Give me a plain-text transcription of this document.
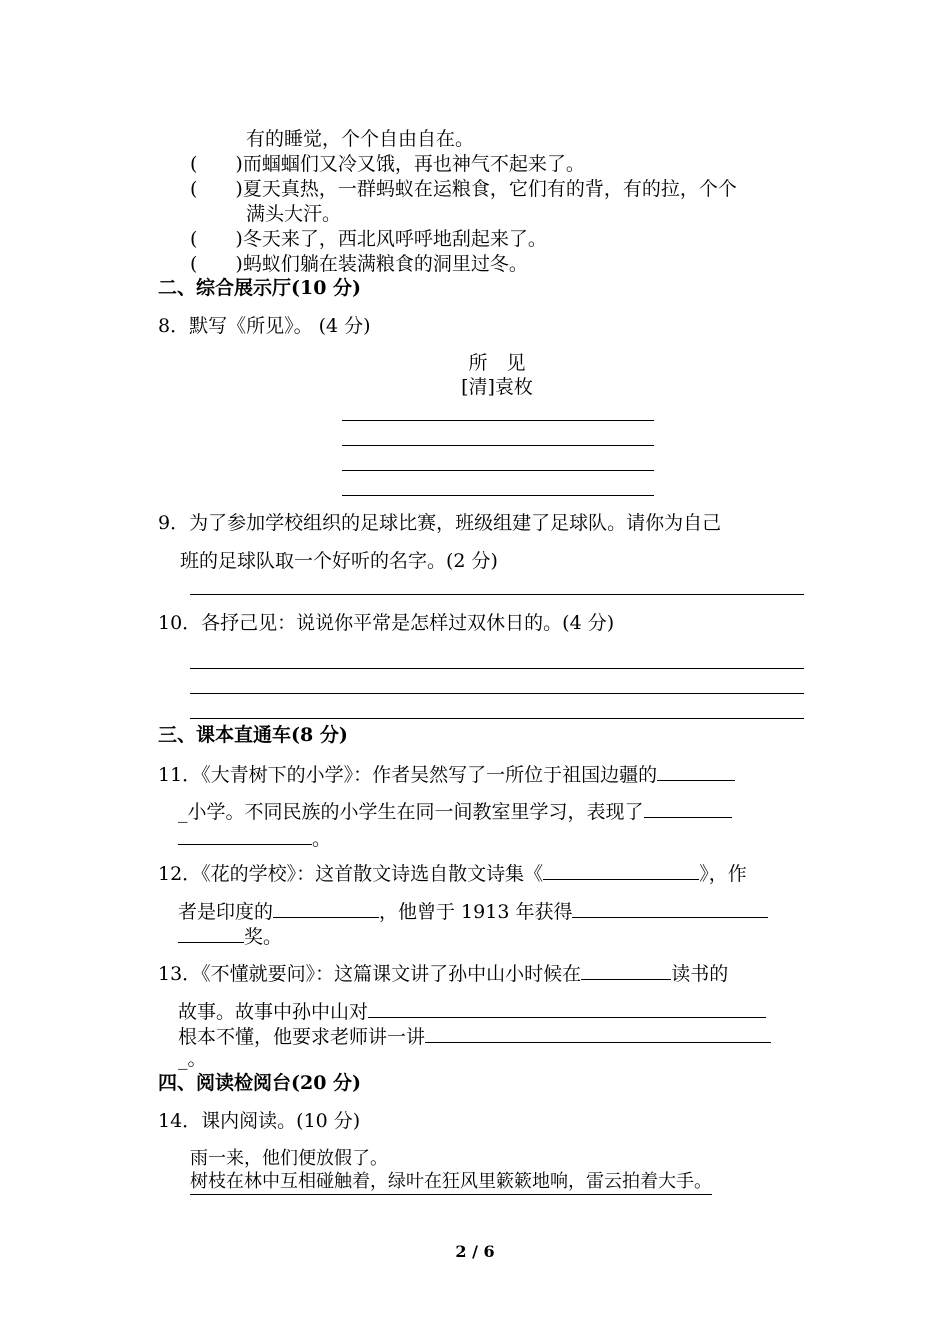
有的睡觉，个个自由自在。
(　　)而蝈蝈们又冷又饿，再也神气不起来了。
(　　)夏天真热，一群蚂蚁在运粮食，它们有的背，有的拉，个个
满头大汗。
(　　)冬天来了，西北风呼呼地刮起来了。
(　　)蚂蚁们躺在装满粮食的洞里过冬。
二、综合展示厅(10 分)
8．默写《所见》。 (4 分)
所　见
[清]袁枚
9．为了参加学校组织的足球比赛，班级组建了足球队。请你为自己
班的足球队取一个好听的名字。(2 分)
10．各抒己见：说说你平常是怎样过双休日的。(4 分)
三、课本直通车(8 分)
11．《大青树下的小学》：作者吴然写了一所位于祖国边疆的
_小学。不同民族的小学生在同一间教室里学习，表现了
。
12．《花的学校》：这首散文诗选自散文诗集《	》，作
者是印度的	，他曾于 1913 年获得
奖。
13．《不懂就要问》：这篇课文讲了孙中山小时候在	读书的
故事。故事中孙中山对
根本不懂，他要求老师讲一讲
_。
四、阅读检阅台(20 分)
14．课内阅读。(10 分)
雨一来，他们便放假了。
树枝在林中互相碰触着，绿叶在狂风里簌簌地响，雷云拍着大手。
2 / 6
